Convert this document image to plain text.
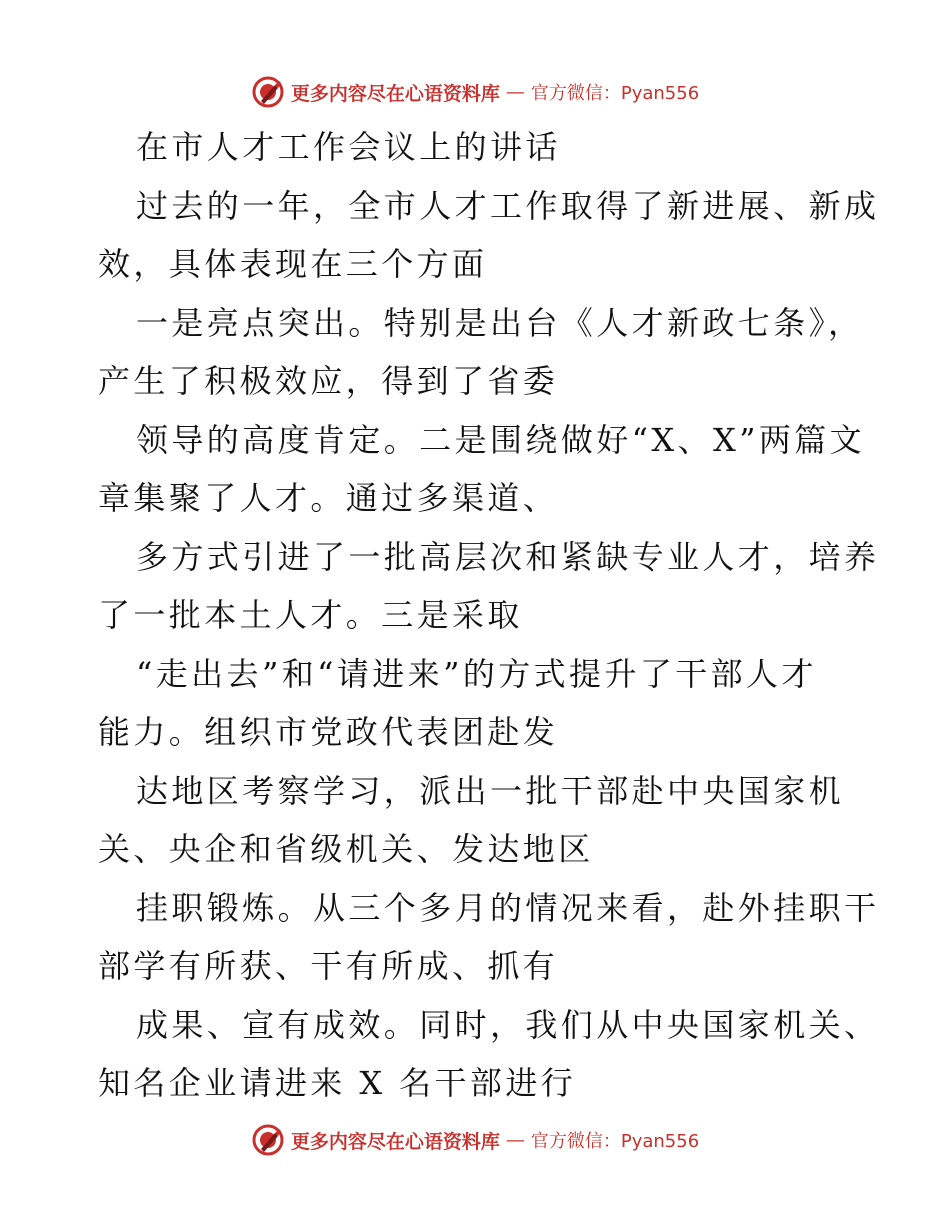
更多内容尽在心语资料库 — 官方微信：Pyan556
在市人才工作会议上的讲话
过去的一年，全市人才工作取得了新进展、新成
效，具体表现在三个方面
一是亮点突出。特别是出台《人才新政七条》，
产生了积极效应，得到了省委
领导的高度肯定。二是围绕做好“X、X”两篇文
章集聚了人才。通过多渠道、
多方式引进了一批高层次和紧缺专业人才，培养
了一批本土人才。三是采取
“走出去”和“请进来”的方式提升了干部人才
能力。组织市党政代表团赴发
达地区考察学习，派出一批干部赴中央国家机
关、央企和省级机关、发达地区
挂职锻炼。从三个多月的情况来看，赴外挂职干
部学有所获、干有所成、抓有
成果、宣有成效。同时，我们从中央国家机关、
知名企业请进来 X 名干部进行
更多内容尽在心语资料库 — 官方微信：Pyan556
